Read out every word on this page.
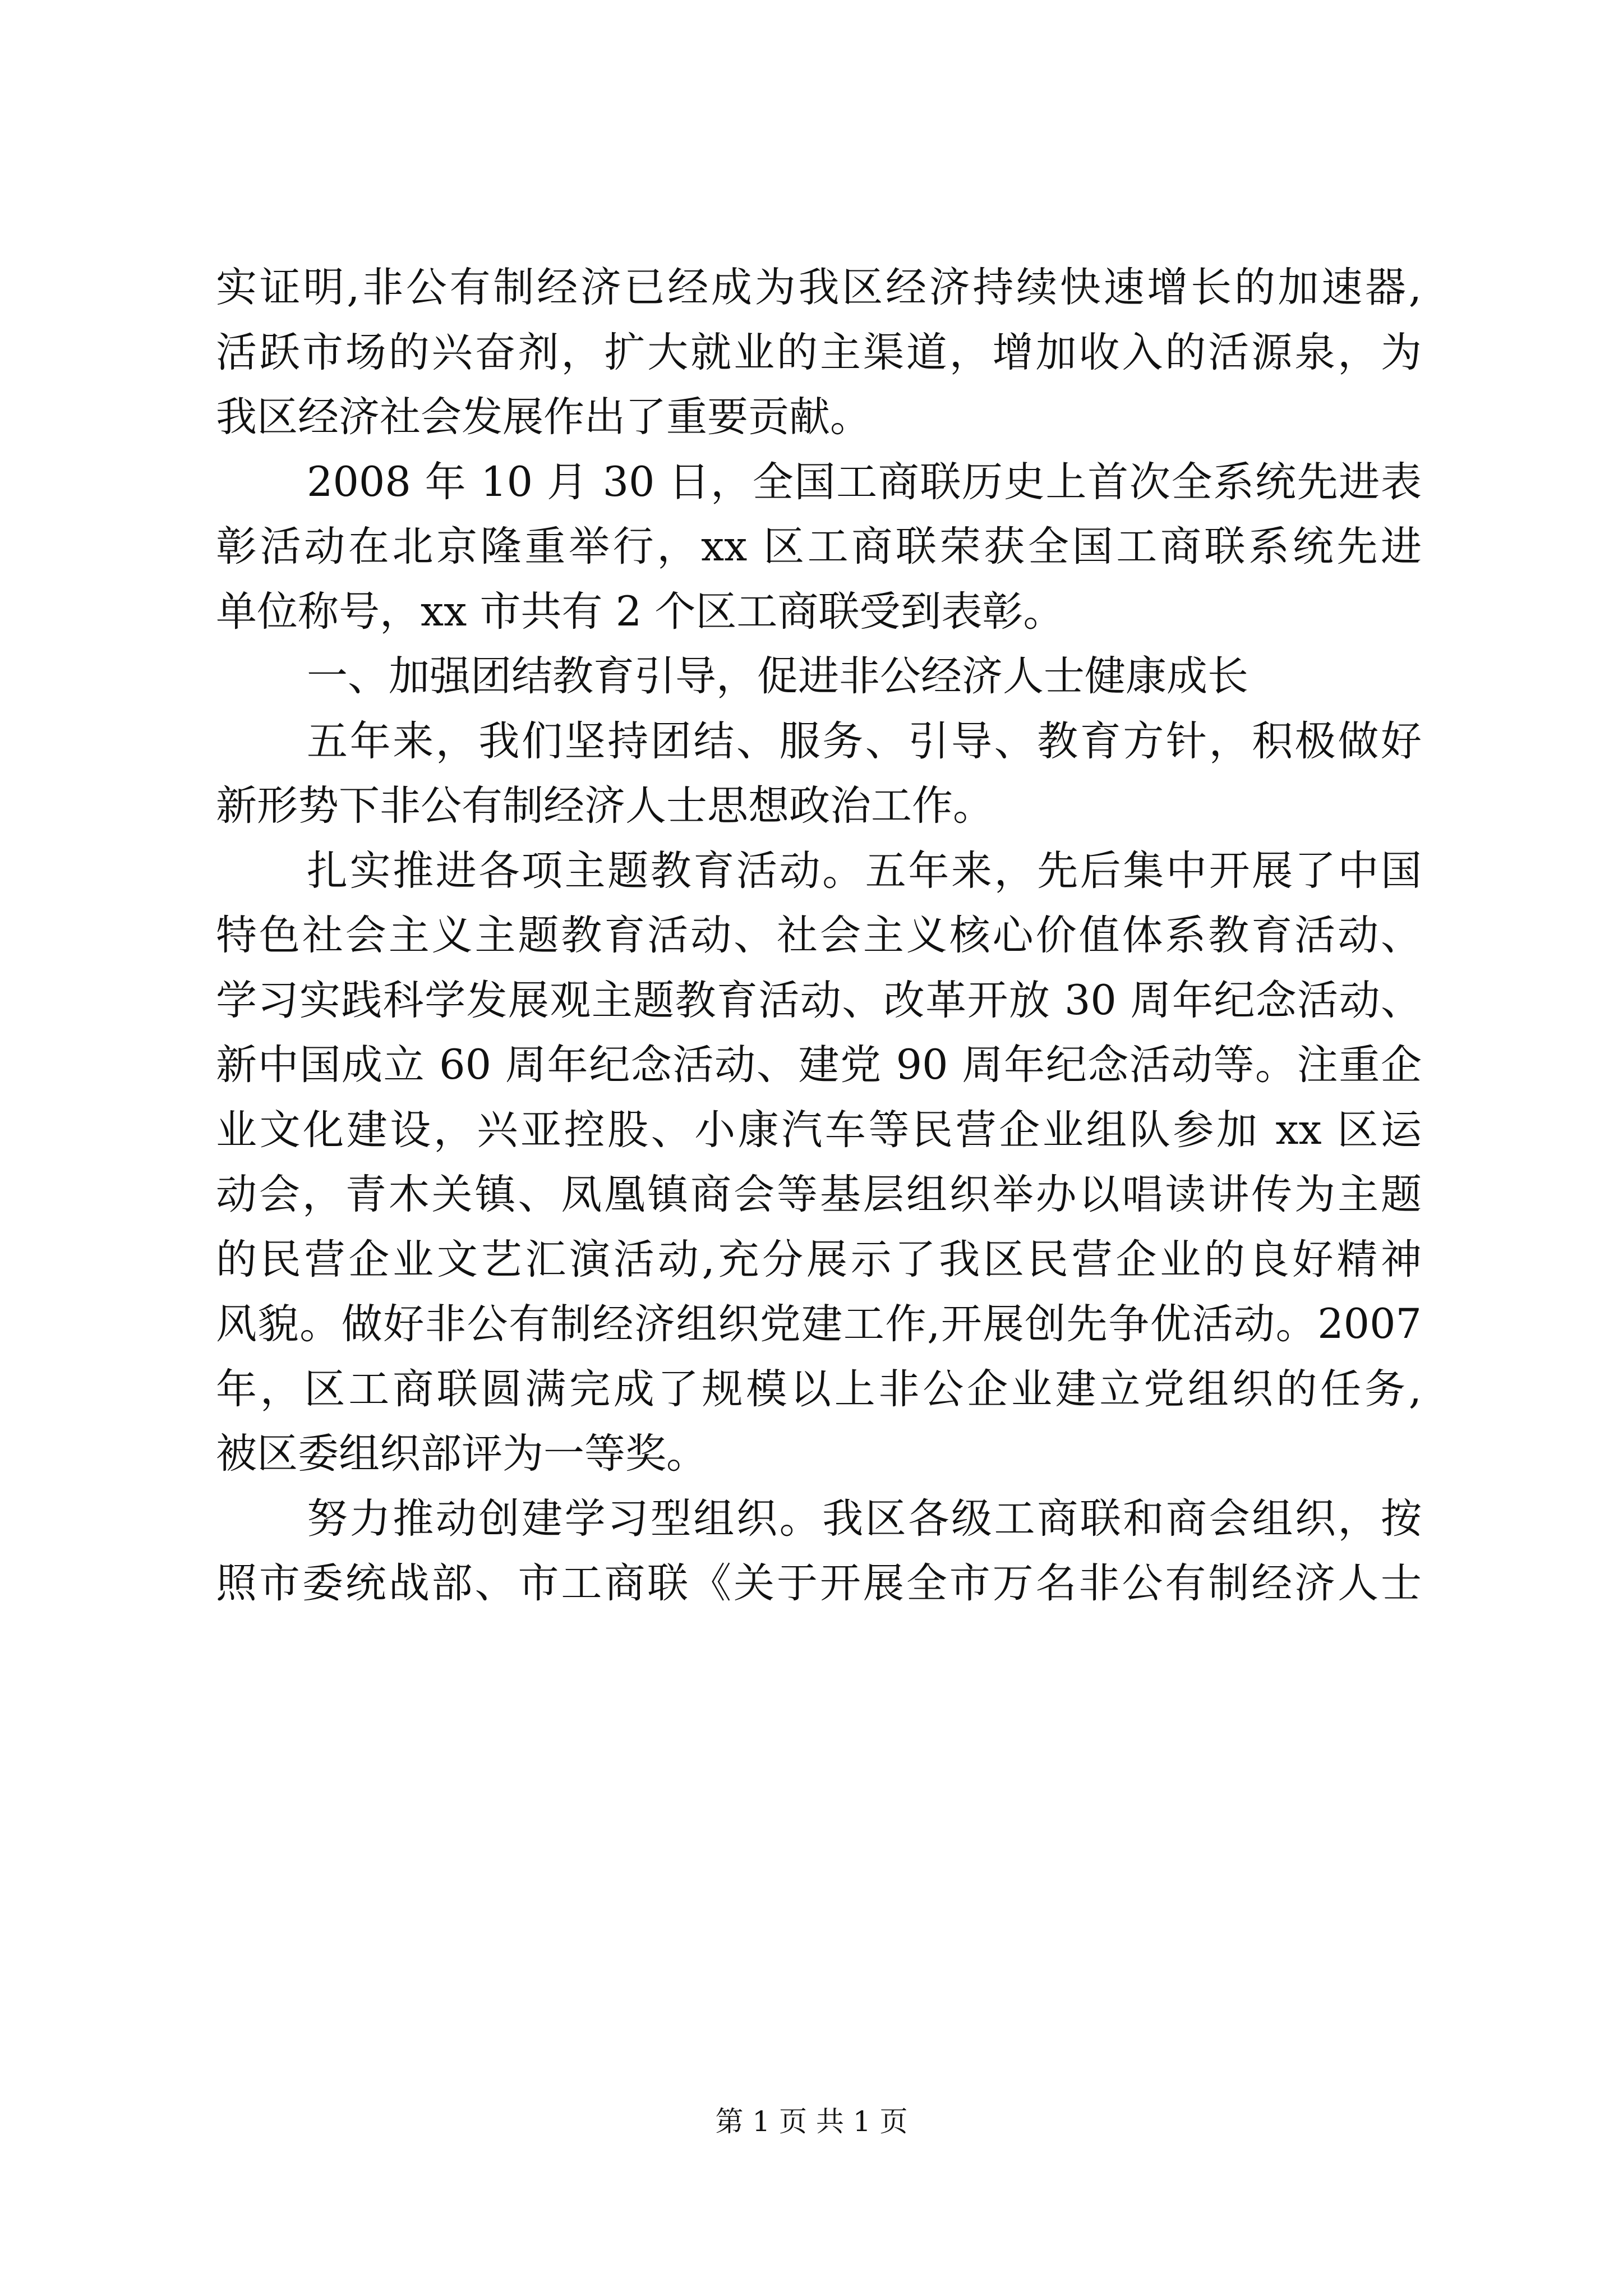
实证明,非公有制经济已经成为我区经济持续快速增长的加速器,
活跃市场的兴奋剂，扩大就业的主渠道，增加收入的活源泉，为
我区经济社会发展作出了重要贡献。
2008 年 10 月 30 日，全国工商联历史上首次全系统先进表
彰活动在北京隆重举行，xx 区工商联荣获全国工商联系统先进
单位称号，xx 市共有 2 个区工商联受到表彰。
一、加强团结教育引导，促进非公经济人士健康成长
五年来，我们坚持团结、服务、引导、教育方针，积极做好
新形势下非公有制经济人士思想政治工作。
扎实推进各项主题教育活动。五年来，先后集中开展了中国
特色社会主义主题教育活动、社会主义核心价值体系教育活动、
学习实践科学发展观主题教育活动、改革开放 30 周年纪念活动、
新中国成立 60 周年纪念活动、建党 90 周年纪念活动等。注重企
业文化建设，兴亚控股、小康汽车等民营企业组队参加 xx 区运
动会，青木关镇、凤凰镇商会等基层组织举办以唱读讲传为主题
的民营企业文艺汇演活动,充分展示了我区民营企业的良好精神
风貌。做好非公有制经济组织党建工作,开展创先争优活动。2007
年，区工商联圆满完成了规模以上非公企业建立党组织的任务,
被区委组织部评为一等奖。
努力推动创建学习型组织。我区各级工商联和商会组织，按
照市委统战部、市工商联《关于开展全市万名非公有制经济人士
第 1 页 共 1 页
